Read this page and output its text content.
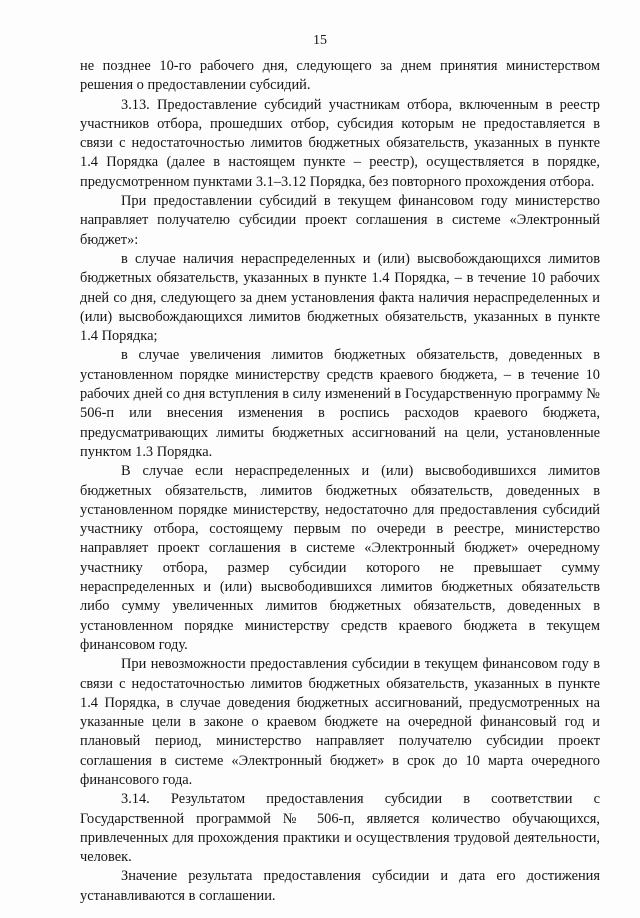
15

не позднее 10-го рабочего дня, следующего за днем принятия министерством решения о предоставлении субсидий.

3.13. Предоставление субсидий участникам отбора, включенным в реестр участников отбора, прошедших отбор, субсидия которым не предоставляется в связи с недостаточностью лимитов бюджетных обязательств, указанных в пункте 1.4 Порядка (далее в настоящем пункте – реестр), осуществляется в порядке, предусмотренном пунктами 3.1–3.12 Порядка, без повторного прохождения отбора.

При предоставлении субсидий в текущем финансовом году министерство направляет получателю субсидии проект соглашения в системе «Электронный бюджет»:

в случае наличия нераспределенных и (или) высвобождающихся лимитов бюджетных обязательств, указанных в пункте 1.4 Порядка, – в течение 10 рабочих дней со дня, следующего за днем установления факта наличия нераспределенных и (или) высвобождающихся лимитов бюджетных обязательств, указанных в пункте 1.4 Порядка;

в случае увеличения лимитов бюджетных обязательств, доведенных в установленном порядке министерству средств краевого бюджета, – в течение 10 рабочих дней со дня вступления в силу изменений в Государственную программу № 506-п или внесения изменения в роспись расходов краевого бюджета, предусматривающих лимиты бюджетных ассигнований на цели, установленные пунктом 1.3 Порядка.

В случае если нераспределенных и (или) высвободившихся лимитов бюджетных обязательств, лимитов бюджетных обязательств, доведенных в установленном порядке министерству, недостаточно для предоставления субсидий участнику отбора, состоящему первым по очереди в реестре, министерство направляет проект соглашения в системе «Электронный бюджет» очередному участнику отбора, размер субсидии которого не превышает сумму нераспределенных и (или) высвободившихся лимитов бюджетных обязательств либо сумму увеличенных лимитов бюджетных обязательств, доведенных в установленном порядке министерству средств краевого бюджета в текущем финансовом году.

При невозможности предоставления субсидии в текущем финансовом году в связи с недостаточностью лимитов бюджетных обязательств, указанных в пункте 1.4 Порядка, в случае доведения бюджетных ассигнований, предусмотренных на указанные цели в законе о краевом бюджете на очередной финансовый год и плановый период, министерство направляет получателю субсидии проект соглашения в системе «Электронный бюджет» в срок до 10 марта очередного финансового года.

3.14. Результатом предоставления субсидии в соответствии с Государственной программой № 506-п, является количество обучающихся, привлеченных для прохождения практики и осуществления трудовой деятельности, человек.

Значение результата предоставления субсидии и дата его достижения устанавливаются в соглашении.
